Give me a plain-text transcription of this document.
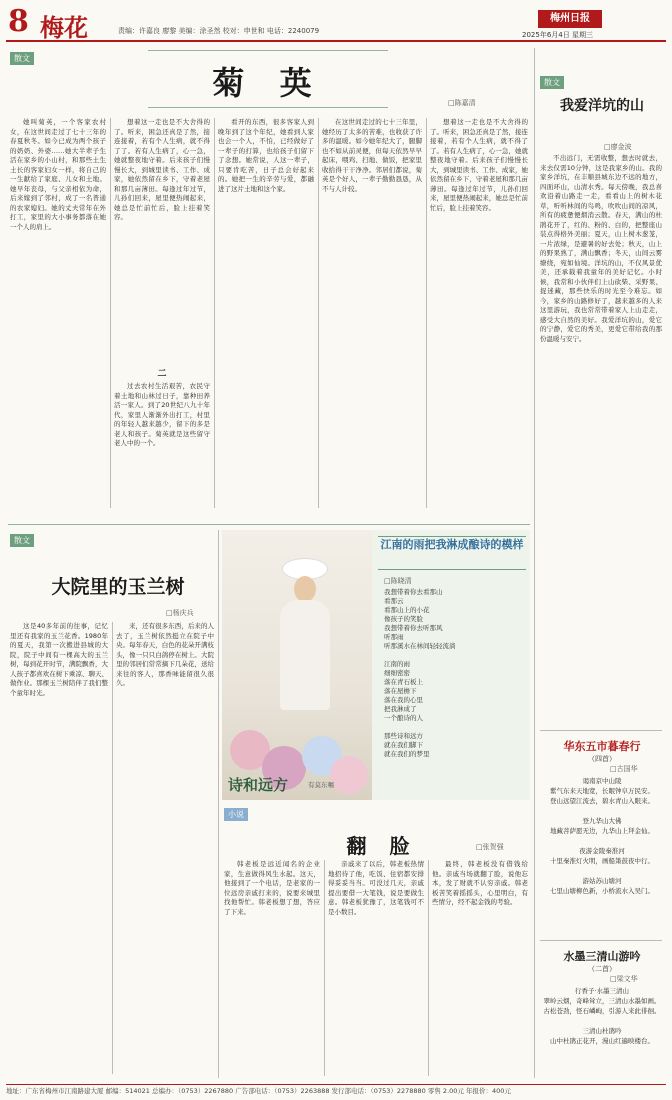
8 梅花	责编：许嘉良 廖黎 美编：涂圣然 校对：申世和 电话：2240079
梅州日报
2025年6月4日 星期三
散文
菊 英
□陈嘉清

她叫菊英，一个客家农村女，在这世间走过了七十三年的春夏秋冬。如今已成为两个孩子的奶奶、外婆……她大半辈子生活在家乡的小山村，和那些土生土长的客家妇女一样，将自己的一生献给了家庭、儿女和土地。她早年丧母，与父亲相依为命，后来嫁到了邻村，成了一名普通的农家媳妇。她的丈夫常年在外打工，家里的大小事务都落在她一个人的肩上。

想着这一走也是不大舍得的了。听来，困急还真是了然，接连接着，若有个人生病，就不得了了。若有人生病了，心一急，她就整夜地守着。后来孩子们慢慢长大，到城里读书、工作、成家，她依然留在乡下，守着老屋和那几亩薄田。每逢过年过节，儿孙们回来，屋里便热闹起来，她总是忙前忙后，脸上挂着笑容。

二

过去农村生活艰苦，农民守着土地和山林过日子，靠种田养活一家人。到了20世纪八九十年代，家里人渐渐外出打工，村里的年轻人越来越少，留下的多是老人和孩子。菊英就是这些留守老人中的一个。

看开的东西，很多客家人到晚年到了这个年纪，她看到人家也会一个人，不怕，已经做好了一辈子的打算，也给孩子们留下了念想。她常说，人这一辈子，只要肯吃苦，日子总会好起来的。她把一生的辛劳与爱，都融进了这片土地和这个家。

在这世间走过的七十三年里，她经历了太多的苦难，也收获了许多的温暖。如今她年纪大了，腿脚也不如从前灵便，但每天依然早早起床，喂鸡、扫地、做饭，把家里收拾得干干净净。邻居们都说，菊英是个好人，一辈子勤勤恳恳，从不与人计较。

想着这一走也是不大舍得的了。听来，困急还真是了然，接连接着，若有个人生病，就不得了了。若有人生病了，心一急，她就整夜地守着。后来孩子们慢慢长大，到城里读书、工作、成家，她依然留在乡下，守着老屋和那几亩薄田。每逢过年过节，儿孙们回来，屋里便热闹起来，她总是忙前忙后，脸上挂着笑容。

散文
大院里的玉兰树
□杨庆兵

这是40多年前的往事，记忆里还有我家的玉兰花香。1980年的夏天，我第一次搬进县城的大院，院子中间有一棵高大的玉兰树，每到花开时节，满院飘香，大人孩子都喜欢在树下乘凉、聊天、做作业。那棵玉兰树陪伴了我们整个童年时光。

来，还有很多东西，后来的人去了，玉兰树依然挺立在院子中央。每年春天，白色的花朵开满枝头，像一只只白鸽停在树上。大院里的邻居们常常摘下几朵花，送给来往的客人，那香味能留很久很久。

诗和远方	有莫东嘱
江南的雨把我淋成酿诗的模样
□陈晓清
我想带着你去看那山
看那云
看那山上的小花
像孩子的笑脸
我想带着你去听那风
听那雨
听那溪水在林间轻轻流淌

江南的雨
细细密密
落在青石板上
落在屋檐下
落在我的心里
把我淋成了
一个酿诗的人

那些诗和远方
就在我们脚下
就在我们的梦里
小说
翻 脸	□张贺强

韩老板是远近闻名的企业家，生意做得风生水起。这天，他接到了一个电话，是老家的一位远房亲戚打来的，说要来城里找他帮忙。韩老板想了想，答应了下来。

亲戚来了以后，韩老板热情地招待了他，吃饭、住宿都安排得妥妥当当。可没过几天，亲戚提出要借一大笔钱，说是要做生意。韩老板犹豫了，这笔钱可不是小数目。

最终，韩老板没有借钱给他。亲戚当场就翻了脸，说他忘本，发了财就不认穷亲戚。韩老板苦笑着摇摇头，心里明白，有些情分，经不起金钱的考验。

散文
我爱洋坑的山
□廖金波

不出远门，无需收整，想去时就去，来去仅需10分钟，这是我家乡的山。我的家乡洋坑，在丰顺县城东边不远的地方，四面环山，山清水秀。每天傍晚，我总喜欢沿着山路走一走，看看山上的树木花草，听听林间的鸟鸣，吹吹山间的凉风，所有的疲惫便烟消云散。春天，满山的杜鹃花开了，红的、粉的、白的，把整座山装点得格外美丽；夏天，山上树木葱茏，一片浓绿，是避暑的好去处；秋天，山上的野果熟了，满山飘香；冬天，山间云雾缭绕，宛如仙境。洋坑的山，不仅风景优美，还承载着我童年的美好记忆。小时候，我常和小伙伴们上山砍柴、采野果、捉迷藏，那些快乐的时光至今难忘。如今，家乡的山路修好了，越来越多的人来这里游玩，我也常常带着家人上山走走，感受大自然的美好。我爱洋坑的山，爱它的宁静，爱它的秀美，更爱它带给我的那份温暖与安宁。

华东五市暮春行
（四首）
□古国华
谒南京中山陵
紫气东来天地宽，长眠钟阜万民安。
登山远望江流去，碧水青山入眼来。

登九华山大佛
地藏菩萨愿无边，九华山上拜金仙。

夜游金陵秦淮河
十里秦淮灯火明，画船箫鼓夜中行。

游姑苏山塘河
七里山塘柳色新，小桥流水入吴门。
水墨三清山游吟
（二首）
□梁文华
行香子·水墨三清山
翠岭云烟，奇峰耸立，三清山水墨如画。
古松苍劲，怪石嶙峋，引游人来此徘徊。

三清山杜鹃吟
山中杜鹃正花开，漫山红遍映楼台。
地址：广东省梅州市江南路建大厦 邮编：514021 总编办：（0753）2267880 广告部电话：（0753）2263888 发行部电话：（0753）2278880 零售 2.00元 年报价：400元
